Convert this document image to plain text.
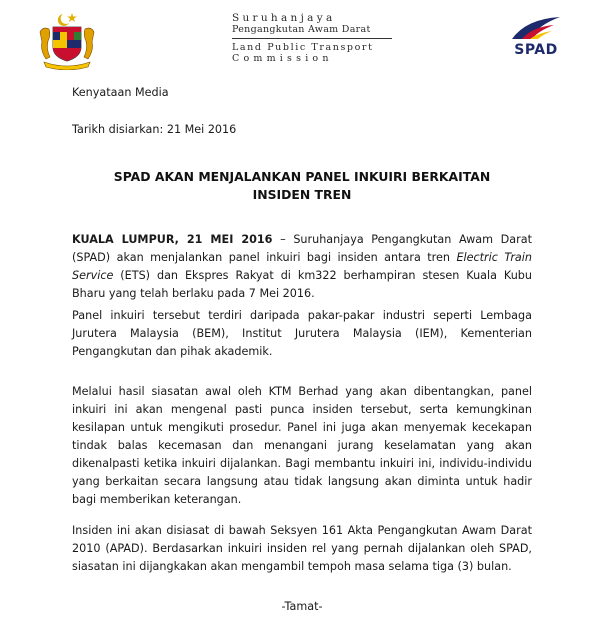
Suruhanjaya
Pengangkutan Awam Darat
Land Public Transport
Commission
SPAD
Kenyataan Media
Tarikh disiarkan: 21 Mei 2016
SPAD AKAN MENJALANKAN PANEL INKUIRI BERKAITAN
INSIDEN TREN
KUALA LUMPUR, 21 MEI 2016 – Suruhanjaya Pengangkutan Awam Darat (SPAD) akan menjalankan panel inkuiri bagi insiden antara tren Electric Train Service (ETS) dan Ekspres Rakyat di km322 berhampiran stesen Kuala Kubu Bharu yang telah berlaku pada 7 Mei 2016.
Panel inkuiri tersebut terdiri daripada pakar-pakar industri seperti Lembaga Jurutera Malaysia (BEM), Institut Jurutera Malaysia (IEM), Kementerian Pengangkutan dan pihak akademik.
Melalui hasil siasatan awal oleh KTM Berhad yang akan dibentangkan, panel inkuiri ini akan mengenal pasti punca insiden tersebut, serta kemungkinan kesilapan untuk mengikuti prosedur. Panel ini juga akan menyemak kecekapan tindak balas kecemasan dan menangani jurang keselamatan yang akan dikenalpasti ketika inkuiri dijalankan. Bagi membantu inkuiri ini, individu-individu yang berkaitan secara langsung atau tidak langsung akan diminta untuk hadir bagi memberikan keterangan.
Insiden ini akan disiasat di bawah Seksyen 161 Akta Pengangkutan Awam Darat 2010 (APAD). Berdasarkan inkuiri insiden rel yang pernah dijalankan oleh SPAD, siasatan ini dijangkakan akan mengambil tempoh masa selama tiga (3) bulan.
-Tamat-
